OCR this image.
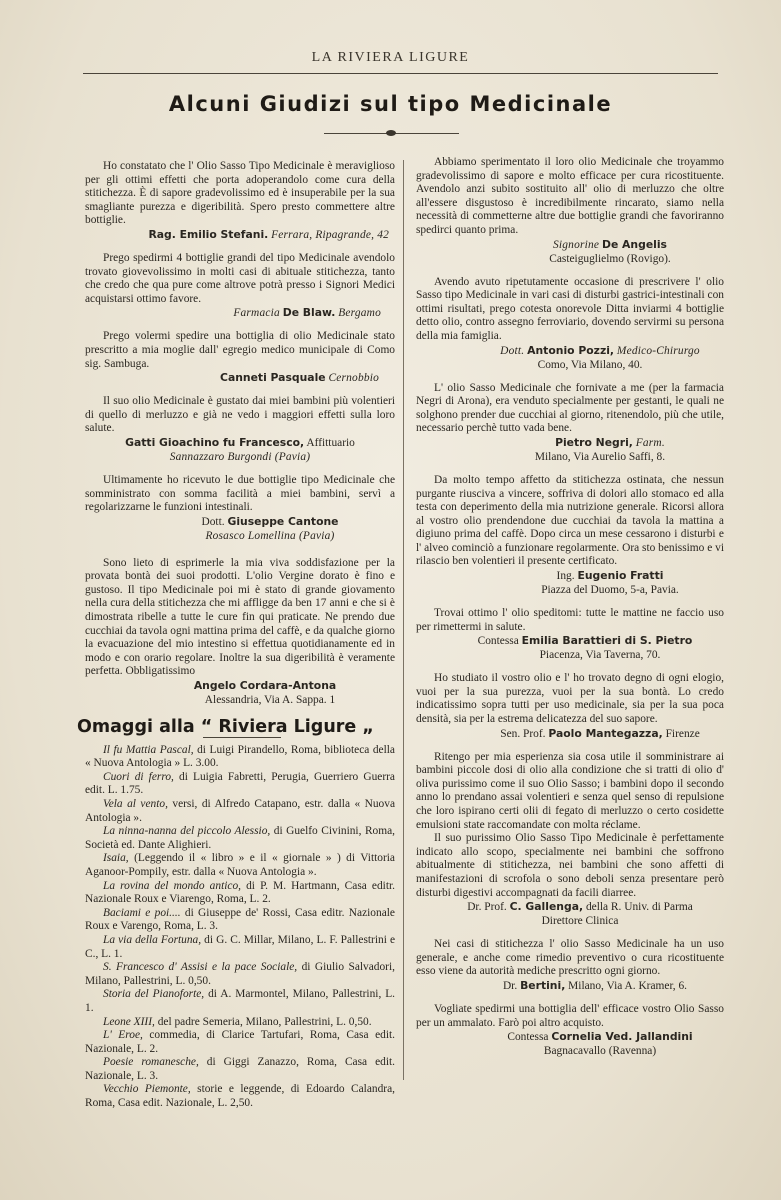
LA RIVIERA LIGURE
Alcuni Giudizi sul tipo Medicinale

Ho constatato che l' Olio Sasso Tipo Medicinale è meraviglioso per gli ottimi effetti che porta adoperandolo come cura della stitichezza. È di sapore gradevolissimo ed è insuperabile per la sua smagliante purezza e digeribilità. Spero presto commettere altre bottiglie.

Rag. Emilio Stefani. Ferrara, Ripagrande, 42

Prego spedirmi 4 bottiglie grandi del tipo Medicinale avendolo trovato giovevolissimo in molti casi di abituale stitichezza, tanto che credo che qua pure come altrove potrà presso i Signori Medici acquistarsi ottimo favore.

Farmacia De Blaw. Bergamo

Prego volermi spedire una bottiglia di olio Medicinale stato prescritto a mia moglie dall' egregio medico municipale di Como sig. Sambuga.

Canneti Pasquale Cernobbio

Il suo olio Medicinale è gustato dai miei bambini più volentieri di quello di merluzzo e già ne vedo i maggiori effetti sulla loro salute.

Gatti Gioachino fu Francesco, Affittuario

Sannazzaro Burgondi (Pavia)

Ultimamente ho ricevuto le due bottiglie tipo Medicinale che somministrato con somma facilità a miei bambini, servì a regolarizzarne le funzioni intestinali.

Dott. Giuseppe Cantone

Rosasco Lomellina (Pavia)

Sono lieto di esprimerle la mia viva soddisfazione per la provata bontà dei suoi prodotti. L'olio Vergine dorato è fino e gustoso. Il tipo Medicinale poi mi è stato di grande giovamento nella cura della stitichezza che mi affligge da ben 17 anni e che si è dimostrata ribelle a tutte le cure fin qui praticate. Ne prendo due cucchiai da tavola ogni mattina prima del caffè, e da qualche giorno la evacuazione del mio intestino si effettua quotidianamente ed in modo e con orario regolare. Inoltre la sua digeribilità è veramente perfetta. Obbligatissimo

Angelo Cordara-Antona

Alessandria, Via A. Sappa. 1

Omaggi alla “ Riviera Ligure „

Il fu Mattia Pascal, di Luigi Pirandello, Roma, biblioteca della « Nuova Antologia » L. 3.00.

Cuori di ferro, di Luigia Fabretti, Perugia, Guerriero Guerra edit. L. 1.75.

Vela al vento, versi, di Alfredo Catapano, estr. dalla « Nuova Antologia ».

La ninna-nanna del piccolo Alessio, di Guelfo Civinini, Roma, Società ed. Dante Alighieri.

Isaia, (Leggendo il « libro » e il « giornale » ) di Vittoria Aganoor-Pompily, estr. dalla « Nuova Antologia ».

La rovina del mondo antico, di P. M. Hartmann, Casa editr. Nazionale Roux e Viarengo, Roma, L. 2.

Baciami e poi.... di Giuseppe de' Rossi, Casa editr. Nazionale Roux e Varengo, Roma, L. 3.

La via della Fortuna, di G. C. Millar, Milano, L. F. Pallestrini e C., L. 1.

S. Francesco d' Assisi e la pace Sociale, di Giulio Salvadori, Milano, Pallestrini, L. 0,50.

Storia del Pianoforte, di A. Marmontel, Milano, Pallestrini, L. 1.

Leone XIII, del padre Semeria, Milano, Pallestrini, L. 0,50.

L' Eroe, commedia, di Clarice Tartufari, Roma, Casa edit. Nazionale, L. 2.

Poesie romanesche, di Giggi Zanazzo, Roma, Casa edit. Nazionale, L. 3.

Vecchio Piemonte, storie e leggende, di Edoardo Calandra, Roma, Casa edit. Nazionale, L. 2,50.

Abbiamo sperimentato il loro olio Medicinale che troyammo gradevolissimo di sapore e molto efficace per cura ricostituente. Avendolo anzi subito sostituito all' olio di merluzzo che oltre all'essere disgustoso è incredibilmente rincarato, siamo nella necessità di commetterne altre due bottiglie grandi che favoriranno spedirci quanto prima.

Signorine De Angelis

Casteiguglielmo (Rovigo).

Avendo avuto ripetutamente occasione di prescrivere l' olio Sasso tipo Medicinale in vari casi di disturbi gastrici-intestinali con ottimi risultati, prego cotesta onorevole Ditta inviarmi 4 bottiglie detto olio, contro assegno ferroviario, dovendo servirmi su persona della mia famiglia.

Dott. Antonio Pozzi, Medico-Chirurgo

Como, Via Milano, 40.

L' olio Sasso Medicinale che fornivate a me (per la farmacia Negri di Arona), era venduto specialmente per gestanti, le quali ne solghono prender due cucchiai al giorno, ritenendolo, più che utile, necessario perchè tutto vada bene.

Pietro Negri, Farm.

Milano, Via Aurelio Saffi, 8.

Da molto tempo affetto da stitichezza ostinata, che nessun purgante riusciva a vincere, soffriva di dolori allo stomaco ed alla testa con deperimento della mia nutrizione generale. Ricorsi allora al vostro olio prendendone due cucchiai da tavola la mattina a digiuno prima del caffè. Dopo circa un mese cessarono i disturbi e l' alveo cominciò a funzionare regolarmente. Ora sto benissimo e vi rilascio ben volentieri il presente certificato.

Ing. Eugenio Fratti

Piazza del Duomo, 5-a, Pavia.

Trovai ottimo l' olio speditomi: tutte le mattine ne faccio uso per rimettermi in salute.

Contessa Emilia Barattieri di S. Pietro

Piacenza, Via Taverna, 70.

Ho studiato il vostro olio e l' ho trovato degno di ogni elogio, vuoi per la sua purezza, vuoi per la sua bontà. Lo credo indicatissimo sopra tutti per uso medicinale, sia per la sua poca densità, sia per la estrema delicatezza del suo sapore.

Sen. Prof. Paolo Mantegazza, Firenze

Ritengo per mia esperienza sia cosa utile il somministrare ai bambini piccole dosi di olio alla condizione che si tratti di olio d' oliva purissimo come il suo Olio Sasso; i bambini dopo il secondo anno lo prendano assai volentieri e senza quel senso di repulsione che loro ispirano certi olii di fegato di merluzzo o certo cosidette emulsioni state raccomandate con molta réclame.

Il suo purissimo Olio Sasso Tipo Medicinale è perfettamente indicato allo scopo, specialmente nei bambini che soffrono abitualmente di stitichezza, nei bambini che sono affetti di manifestazioni di scrofola o sono deboli senza presentare però disturbi digestivi accompagnati da facili diarree.

Dr. Prof. C. Gallenga, della R. Univ. di Parma

Direttore Clinica

Nei casi di stitichezza l' olio Sasso Medicinale ha un uso generale, e anche come rimedio preventivo o cura ricostituente esso viene da autorità mediche prescritto ogni giorno.

Dr. Bertini, Milano, Via A. Kramer, 6.

Vogliate spedirmi una bottiglia dell' efficace vostro Olio Sasso per un ammalato. Farò poi altro acquisto.

Contessa Cornelia Ved. Jallandini

Bagnacavallo (Ravenna)
